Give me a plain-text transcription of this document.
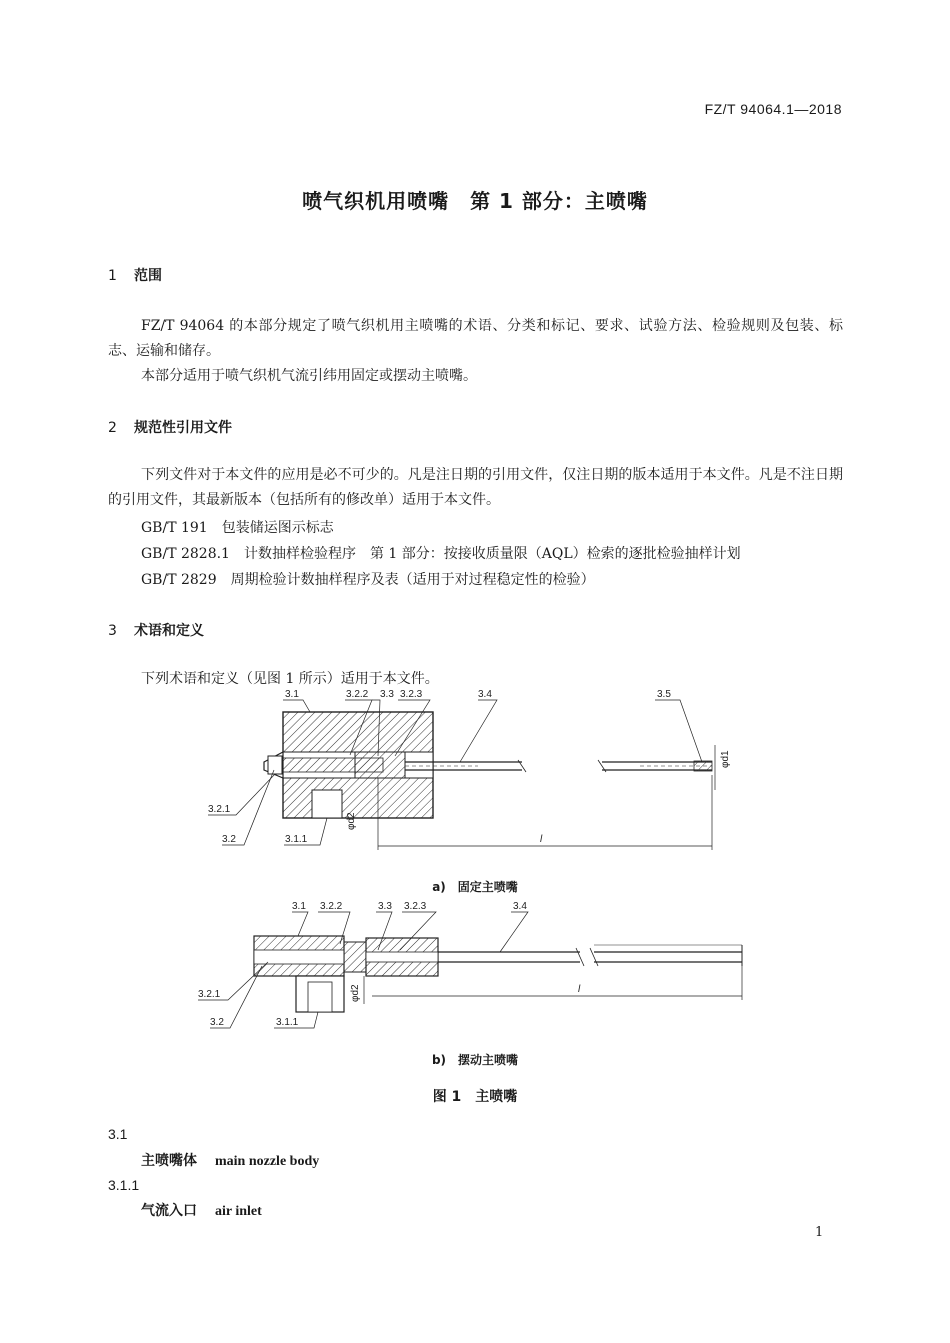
FZ/T 94064.1—2018
喷气织机用喷嘴　第 1 部分：主喷嘴
1 范围
FZ/T 94064 的本部分规定了喷气织机用主喷嘴的术语、分类和标记、要求、试验方法、检验规则及包装、标志、运输和储存。
本部分适用于喷气织机气流引纬用固定或摆动主喷嘴。
2 规范性引用文件
下列文件对于本文件的应用是必不可少的。凡是注日期的引用文件，仅注日期的版本适用于本文件。凡是不注日期的引用文件，其最新版本（包括所有的修改单）适用于本文件。
GB/T 191　包装储运图示标志
GB/T 2828.1　计数抽样检验程序　第 1 部分：按接收质量限（AQL）检索的逐批检验抽样计划
GB/T 2829　周期检验计数抽样程序及表（适用于对过程稳定性的检验）
3 术语和定义
下列术语和定义（见图 1 所示）适用于本文件。
3.1	3.2.2 3.3 3.2.3	3.4	3.5
3.2.1
3.2	3.1.1
φd1
φd2
l
3.1 3.2.2	3.3 3.2.3	3.4
3.2.1
3.2	3.1.1
φd2	l
a)　固定主喷嘴
b)　摆动主喷嘴
图 1　主喷嘴
3.1
主喷嘴体 main nozzle body
3.1.1
气流入口 air inlet
1
